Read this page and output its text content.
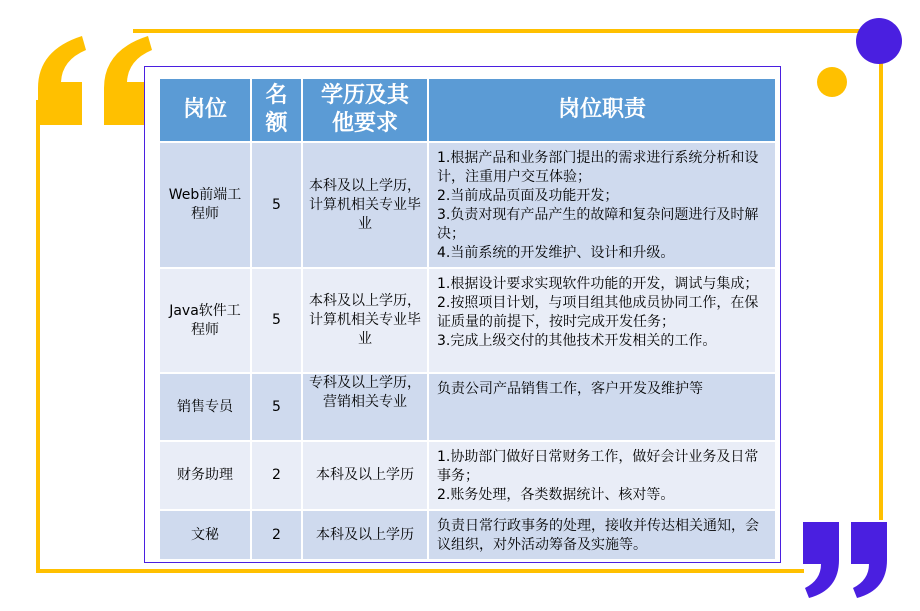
岗位	名额	学历及其他要求	岗位职责
Web前端工程师	5	本科及以上学历，计算机相关专业毕业	1.根据产品和业务部门提出的需求进行系统分析和设计，注重用户交互体验；
2.当前成品页面及功能开发；
3.负责对现有产品产生的故障和复杂问题进行及时解决；
4.当前系统的开发维护、设计和升级。

Java软件工程师	5	本科及以上学历，计算机相关专业毕业	1.根据设计要求实现软件功能的开发，调试与集成；
2.按照项目计划，与项目组其他成员协同工作，在保证质量的前提下，按时完成开发任务；
3.完成上级交付的其他技术开发相关的工作。

销售专员	5	专科及以上学历，营销相关专业	负责公司产品销售工作，客户开发及维护等

财务助理	2	本科及以上学历	1.协助部门做好日常财务工作，做好会计业务及日常事务；
2.账务处理，各类数据统计、核对等。

文秘	2	本科及以上学历	负责日常行政事务的处理，接收并传达相关通知，会议组织，对外活动筹备及实施等。
